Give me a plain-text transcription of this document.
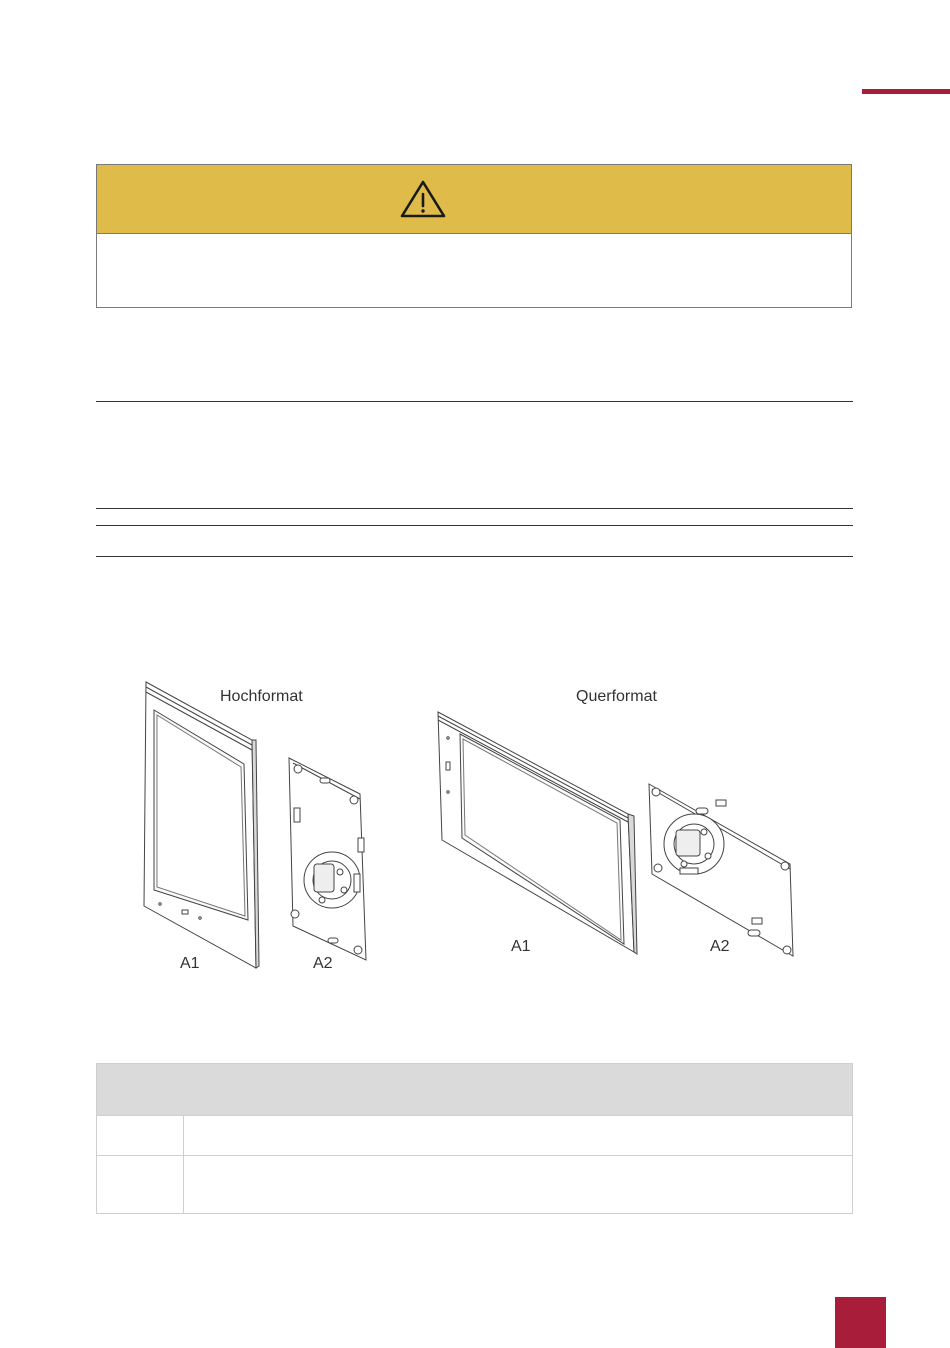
Hochformat	Querformat
A1	A2
A1	A2
